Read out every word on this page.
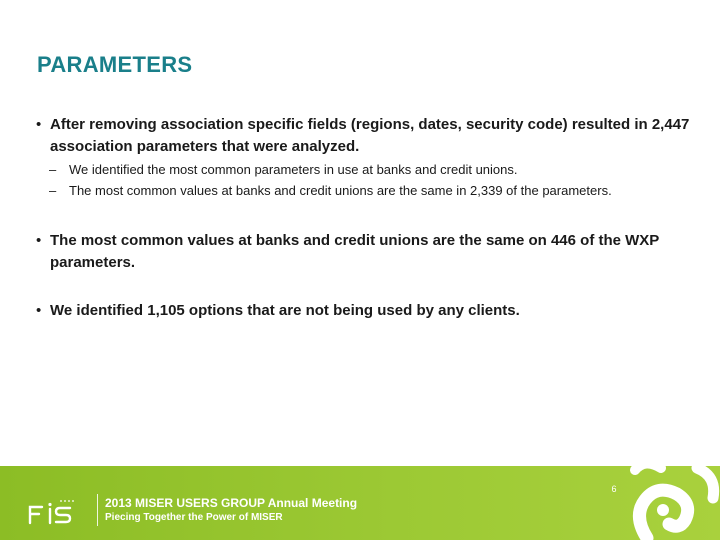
PARAMETERS
• After removing association specific fields (regions, dates, security code) resulted in 2,447 association parameters that were analyzed.
– We identified the most common parameters in use at banks and credit unions.
– The most common values at banks and credit unions are the same in 2,339 of the parameters.
• The most common values at banks and credit unions are the same on 446 of the WXP parameters.
• We identified 1,105 options that are not being used by any clients.
FIS	2013 MISER USERS GROUP Annual Meeting
Piecing Together the Power of MISER
6
